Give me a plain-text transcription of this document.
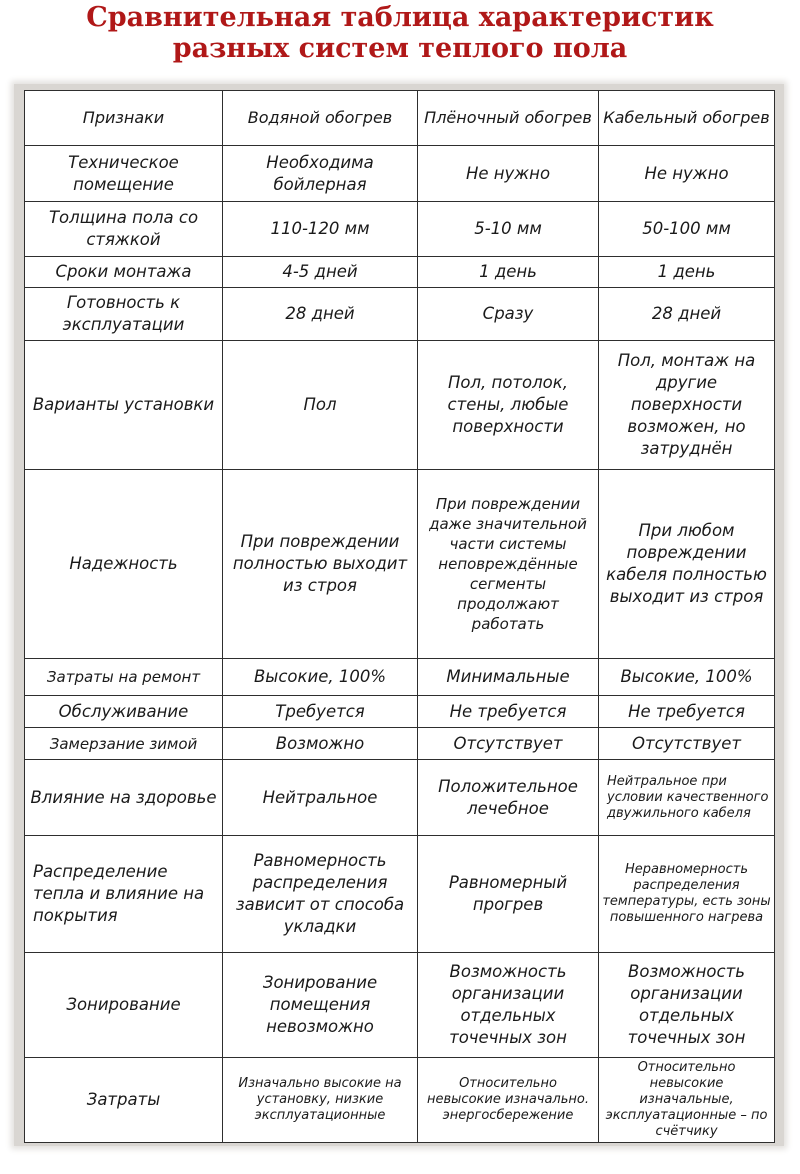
Сравнительная таблица характеристик
разных систем теплого пола
Признаки	Водяной обогрев	Плёночный обогрев	Кабельный обогрев
Техническое помещение	Необходима бойлерная	Не нужно	Не нужно
Толщина пола со стяжкой	110-120 мм	5-10 мм	50-100 мм
Сроки монтажа	4-5 дней	1 день	1 день
Готовность к эксплуатации	28 дней	Сразу	28 дней
Варианты установки	Пол	Пол, потолок, стены, любые поверхности	Пол, монтаж на другие поверхности возможен, но затруднён
Надежность	При повреждении полностью выходит из строя	При повреждении даже значительной части системы неповреждённые сегменты продолжают работать	При любом повреждении кабеля полностью выходит из строя
Затраты на ремонт	Высокие, 100%	Минимальные	Высокие, 100%
Обслуживание	Требуется	Не требуется	Не требуется
Замерзание зимой	Возможно	Отсутствует	Отсутствует
Влияние на здоровье	Нейтральное	Положительное лечебное	Нейтральное при условии качественного двужильного кабеля
Распределение тепла и влияние на покрытия	Равномерность распределения зависит от способа укладки	Равномерный прогрев	Неравномерность распределения температуры, есть зоны повышенного нагрева
Зонирование	Зонирование помещения невозможно	Возможность организации отдельных точечных зон	Возможность организации отдельных точечных зон
Затраты	Изначально высокие на установку, низкие эксплуатационные	Относительно невысокие изначально. энергосбережение	Относительно невысокие изначальные, эксплуатационные – по счётчику
